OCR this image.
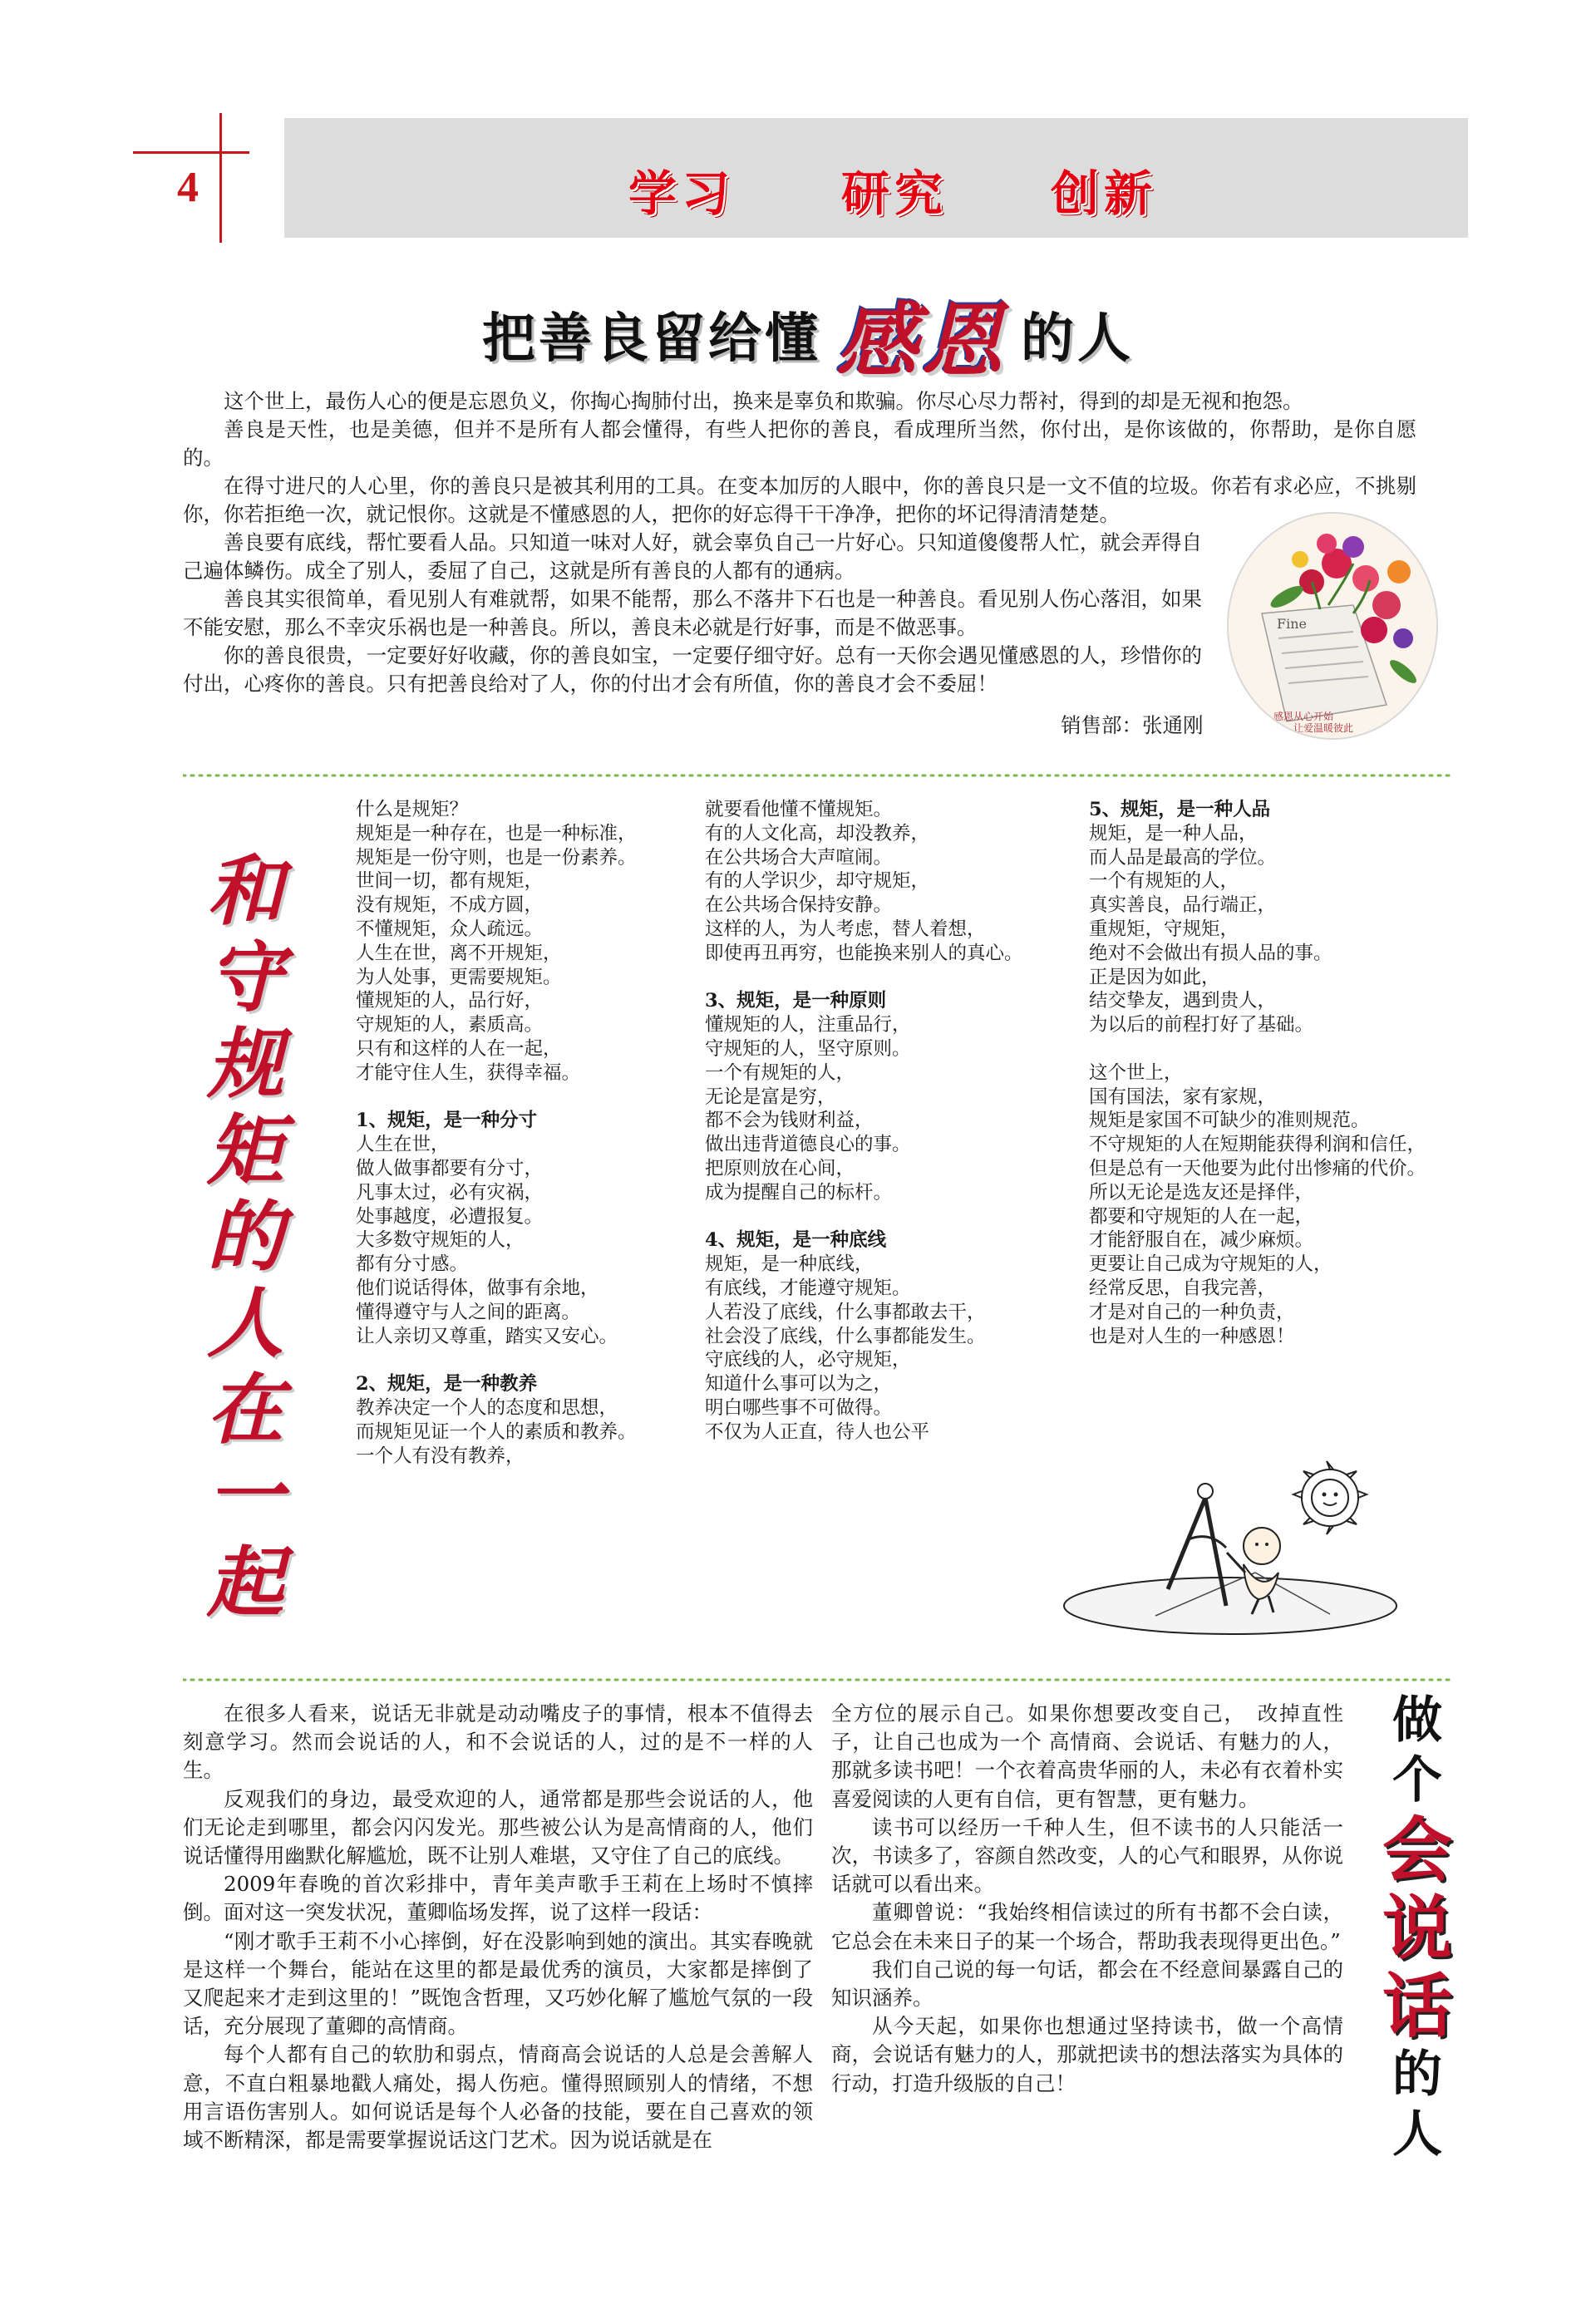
4	学习 研究 创新
把善良留给懂 感恩 的人

这个世上，最伤人心的便是忘恩负义，你掏心掏肺付出，换来是辜负和欺骗。你尽心尽力帮衬，得到的却是无视和抱怨。

善良是天性，也是美德，但并不是所有人都会懂得，有些人把你的善良，看成理所当然，你付出，是你该做的，你帮助，是你自愿的。

在得寸进尺的人心里，你的善良只是被其利用的工具。在变本加厉的人眼中，你的善良只是一文不值的垃圾。你若有求必应，不挑剔你，你若拒绝一次，就记恨你。这就是不懂感恩的人，把你的好忘得干干净净，把你的坏记得清清楚楚。

善良要有底线，帮忙要看人品。只知道一味对人好，就会辜负自己一片好心。只知道傻傻帮人忙，就会弄得自己遍体鳞伤。成全了别人，委屈了自己，这就是所有善良的人都有的通病。

善良其实很简单，看见别人有难就帮，如果不能帮，那么不落井下石也是一种善良。看见别人伤心落泪，如果不能安慰，那么不幸灾乐祸也是一种善良。所以，善良未必就是行好事，而是不做恶事。

你的善良很贵，一定要好好收藏，你的善良如宝，一定要仔细守好。总有一天你会遇见懂感恩的人，珍惜你的付出，心疼你的善良。只有把善良给对了人，你的付出才会有所值，你的善良才会不委屈！

销售部：张通刚
Fine
感恩从心开始
让爱温暖彼此
和
守
规
矩
的
人
在
一
起
什么是规矩？
规矩是一种存在，也是一种标准，
规矩是一份守则，也是一份素养。
世间一切，都有规矩，
没有规矩，不成方圆，
不懂规矩，众人疏远。
人生在世，离不开规矩，
为人处事，更需要规矩。
懂规矩的人，品行好，
守规矩的人，素质高。
只有和这样的人在一起，
才能守住人生，获得幸福。
1、规矩，是一种分寸
人生在世，
做人做事都要有分寸，
凡事太过，必有灾祸，
处事越度，必遭报复。
大多数守规矩的人，
都有分寸感。
他们说话得体，做事有余地，
懂得遵守与人之间的距离。
让人亲切又尊重，踏实又安心。
2、规矩，是一种教养
教养决定一个人的态度和思想，
而规矩见证一个人的素质和教养。
一个人有没有教养，
就要看他懂不懂规矩。
有的人文化高，却没教养，
在公共场合大声喧闹。
有的人学识少，却守规矩，
在公共场合保持安静。
这样的人，为人考虑，替人着想，
即使再丑再穷，也能换来别人的真心。
3、规矩，是一种原则
懂规矩的人，注重品行，
守规矩的人，坚守原则。
一个有规矩的人，
无论是富是穷，
都不会为钱财利益，
做出违背道德良心的事。
把原则放在心间，
成为提醒自己的标杆。
4、规矩，是一种底线
规矩，是一种底线，
有底线，才能遵守规矩。
人若没了底线，什么事都敢去干，
社会没了底线，什么事都能发生。
守底线的人，必守规矩，
知道什么事可以为之，
明白哪些事不可做得。
不仅为人正直，待人也公平
5、规矩，是一种人品
规矩，是一种人品，
而人品是最高的学位。
一个有规矩的人，
真实善良，品行端正，
重规矩，守规矩，
绝对不会做出有损人品的事。
正是因为如此，
结交挚友，遇到贵人，
为以后的前程打好了基础。
这个世上，
国有国法，家有家规，
规矩是家国不可缺少的准则规范。
不守规矩的人在短期能获得利润和信任，
但是总有一天他要为此付出惨痛的代价。
所以无论是选友还是择伴，
都要和守规矩的人在一起，
才能舒服自在，减少麻烦。
更要让自己成为守规矩的人，
经常反思，自我完善，
才是对自己的一种负责，
也是对人生的一种感恩！

在很多人看来，说话无非就是动动嘴皮子的事情，根本不值得去刻意学习。然而会说话的人，和不会说话的人，过的是不一样的人生。

反观我们的身边，最受欢迎的人，通常都是那些会说话的人，他们无论走到哪里，都会闪闪发光。那些被公认为是高情商的人，他们说话懂得用幽默化解尴尬，既不让别人难堪，又守住了自己的底线。

2009年春晚的首次彩排中，青年美声歌手王莉在上场时不慎摔倒。面对这一突发状况，董卿临场发挥，说了这样一段话：

“刚才歌手王莉不小心摔倒，好在没影响到她的演出。其实春晚就是这样一个舞台，能站在这里的都是最优秀的演员，大家都是摔倒了又爬起来才走到这里的！”既饱含哲理，又巧妙化解了尴尬气氛的一段话，充分展现了董卿的高情商。

每个人都有自己的软肋和弱点，情商高会说话的人总是会善解人意，不直白粗暴地戳人痛处，揭人伤疤。懂得照顾别人的情绪，不想用言语伤害别人。如何说话是每个人必备的技能，要在自己喜欢的领域不断精深，都是需要掌握说话这门艺术。因为说话就是在

全方位的展示自己。如果你想要改变自己，　改掉直性子，让自己也成为一个 高情商、会说话、有魅力的人，那就多读书吧！一个衣着高贵华丽的人，未必有衣着朴实喜爱阅读的人更有自信，更有智慧，更有魅力。

读书可以经历一千种人生，但不读书的人只能活一次，书读多了，容颜自然改变，人的心气和眼界，从你说话就可以看出来。

董卿曾说：“我始终相信读过的所有书都不会白读，它总会在未来日子的某一个场合，帮助我表现得更出色。”

我们自己说的每一句话，都会在不经意间暴露自己的知识涵养。

从今天起，如果你也想通过坚持读书，做一个高情商，会说话有魅力的人，那就把读书的想法落实为具体的行动，打造升级版的自己！

做
个
会
说
话
的
人
